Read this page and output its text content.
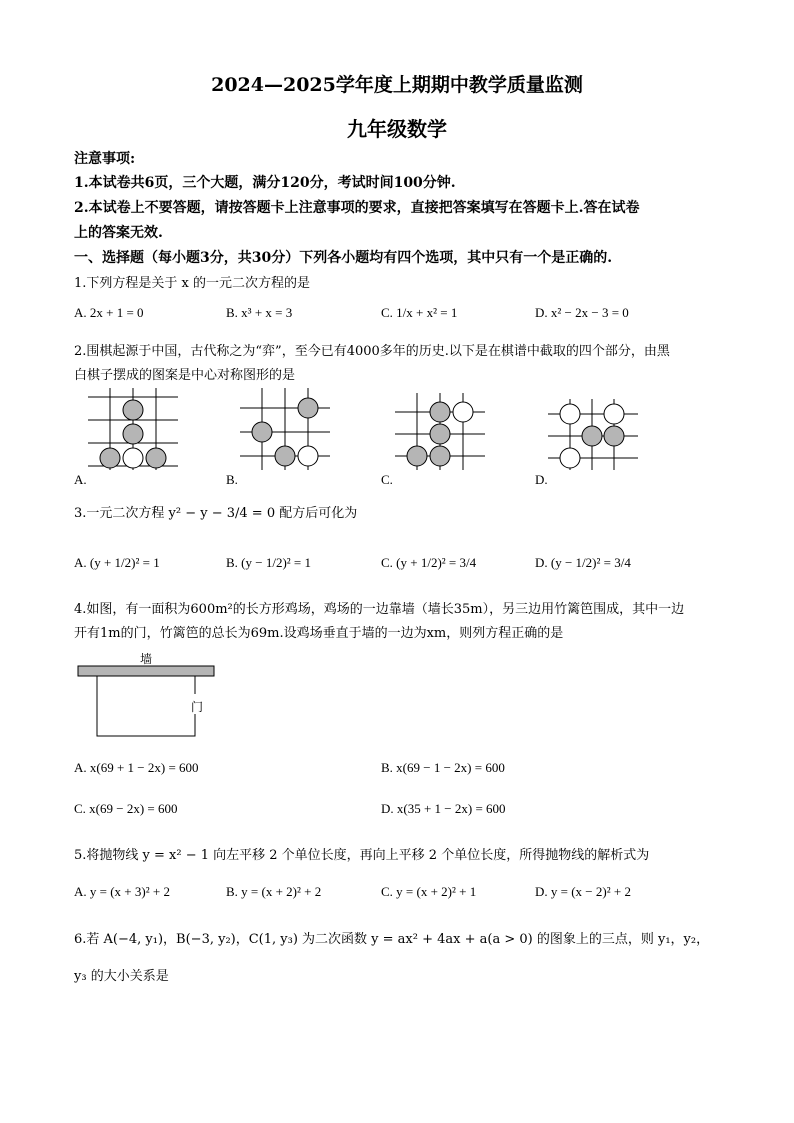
2024—2025学年度上期期中教学质量监测
九年级数学
注意事项:
1.本试卷共6页，三个大题，满分120分，考试时间100分钟.
2.本试卷上不要答题，请按答题卡上注意事项的要求，直接把答案填写在答题卡上.答在试卷
上的答案无效.
一、选择题（每小题3分，共30分）下列各小题均有四个选项，其中只有一个是正确的.
1.下列方程是关于 x 的一元二次方程的是
A. 2x + 1 = 0	B. x³ + x = 3	C. 1/x + x² = 1	D. x² − 2x − 3 = 0
2.围棋起源于中国，古代称之为“弈”，至今已有4000多年的历史.以下是在棋谱中截取的四个部分，由黑
白棋子摆成的图案是中心对称图形的是
A.	B.	C.	D.
3.一元二次方程 y² − y − 3/4 = 0 配方后可化为
A. (y + 1/2)² = 1	B. (y − 1/2)² = 1	C. (y + 1/2)² = 3/4	D. (y − 1/2)² = 3/4
4.如图，有一面积为600m²的长方形鸡场，鸡场的一边靠墙（墙长35m），另三边用竹篱笆围成，其中一边
开有1m的门，竹篱笆的总长为69m.设鸡场垂直于墙的一边为xm，则列方程正确的是
墙
门
A. x(69 + 1 − 2x) = 600	B. x(69 − 1 − 2x) = 600
C. x(69 − 2x) = 600	D. x(35 + 1 − 2x) = 600
5.将抛物线 y = x² − 1 向左平移 2 个单位长度，再向上平移 2 个单位长度，所得抛物线的解析式为
A. y = (x + 3)² + 2	B. y = (x + 2)² + 2	C. y = (x + 2)² + 1	D. y = (x − 2)² + 2
6.若 A(−4, y₁)，B(−3, y₂)，C(1, y₃) 为二次函数 y = ax² + 4ax + a(a > 0) 的图象上的三点，则 y₁，y₂，
y₃ 的大小关系是
